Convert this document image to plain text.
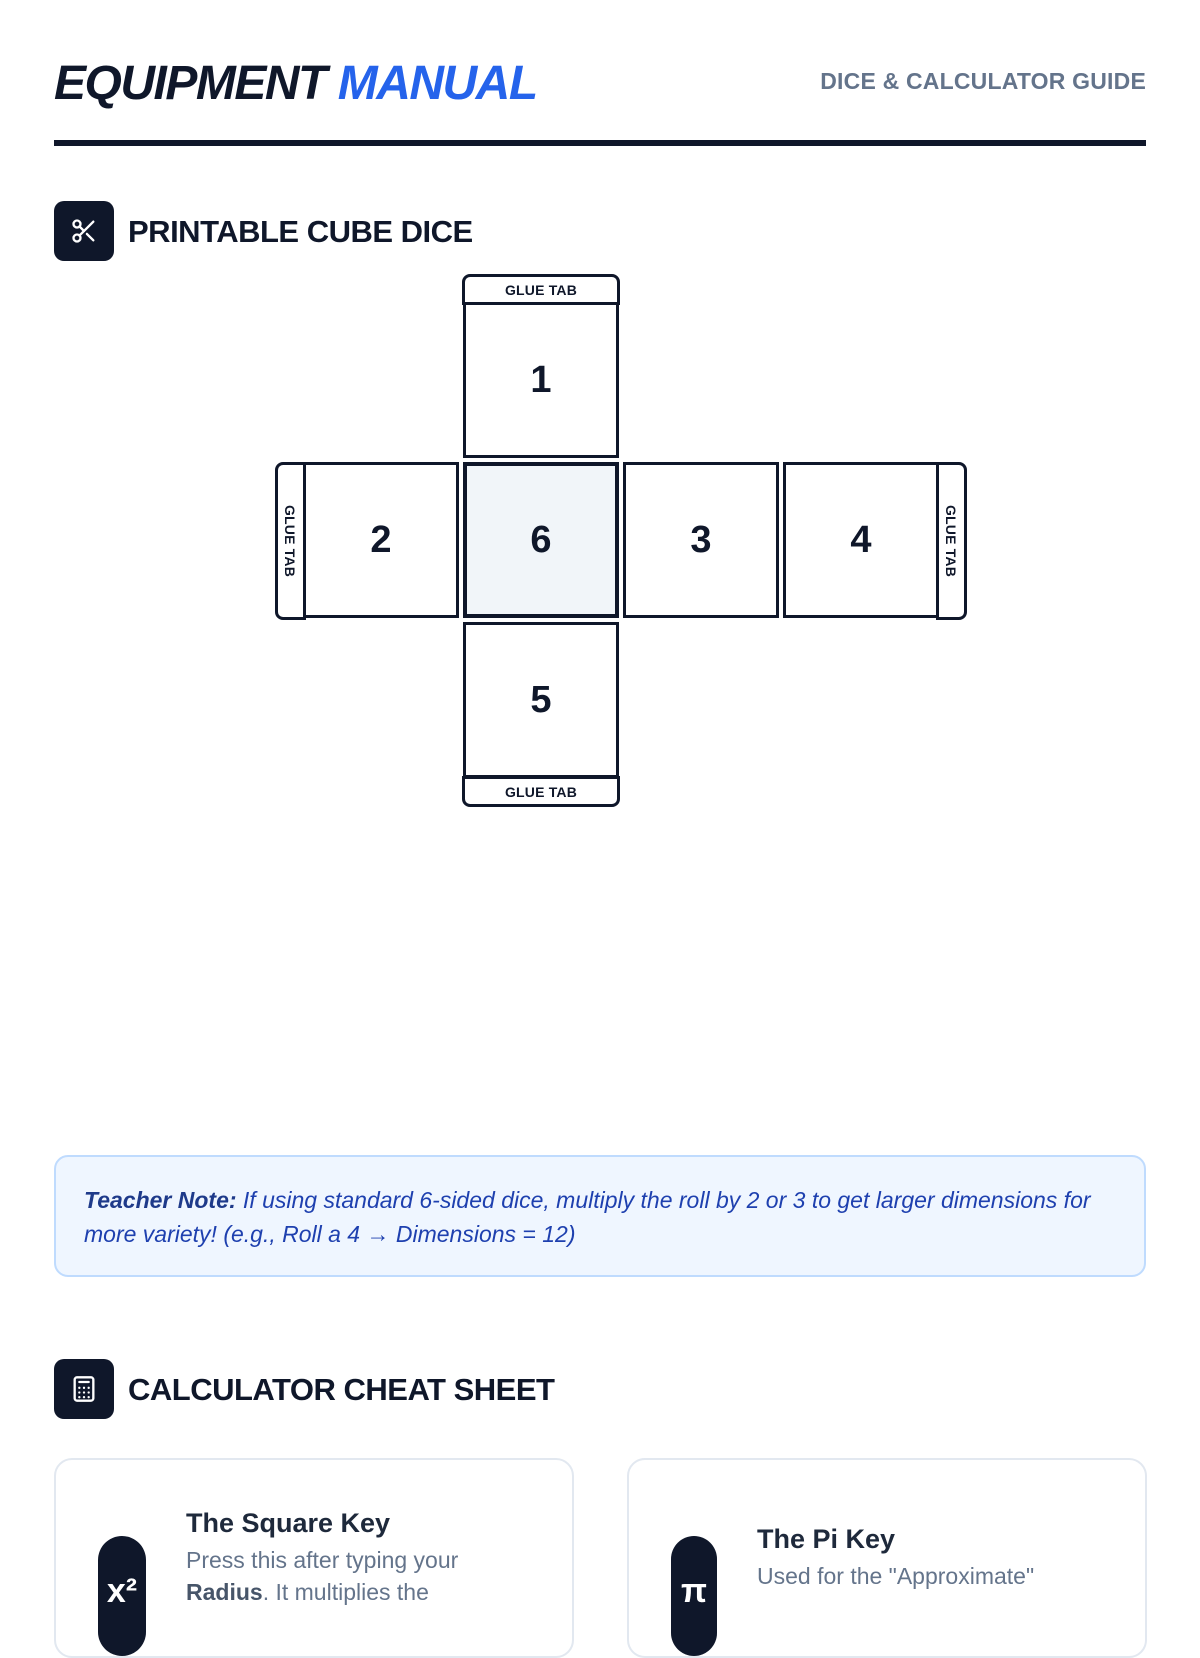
EQUIPMENT MANUAL	DICE & CALCULATOR GUIDE
PRINTABLE CUBE DICE
GLUE TAB
1
GLUE TAB	2	6	3	4	GLUE TAB
5
GLUE TAB

Teacher Note: If using standard 6-sided dice, multiply the roll by 2 or 3 to get larger dimensions for more variety! (e.g., Roll a 4 → Dimensions = 12)

CALCULATOR CHEAT SHEET
x²
The Square Key
Press this after typing your Radius. It multiplies the	π
The Pi Key
Used for the "Approximate"
